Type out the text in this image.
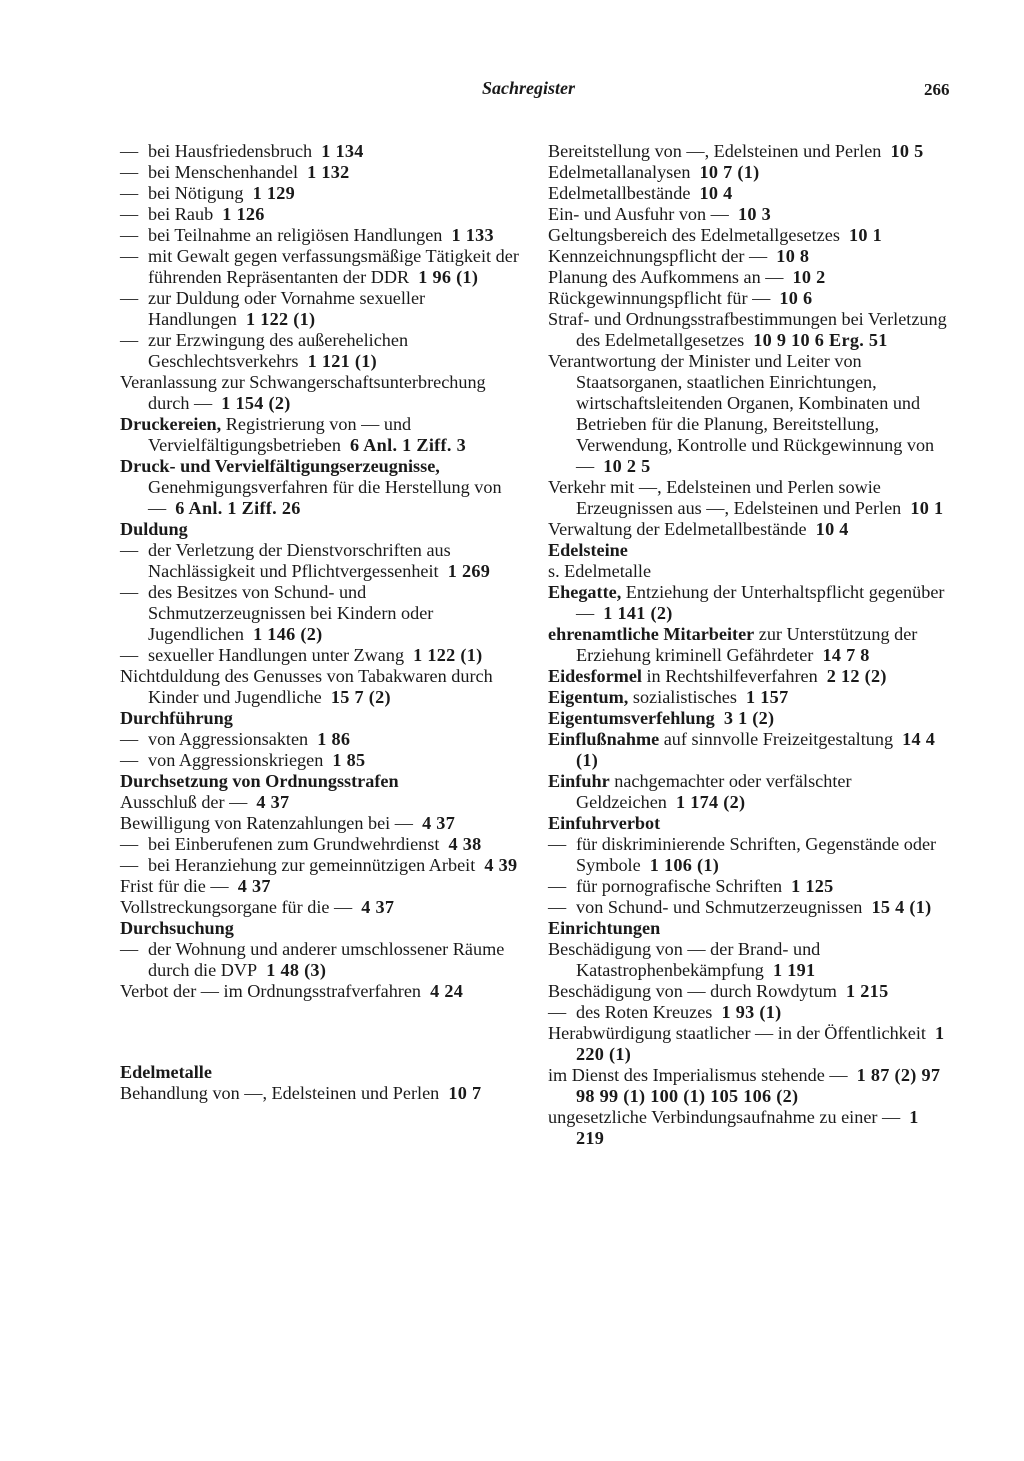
Sachregister	266

— bei Hausfriedensbruch  1 134

— bei Menschenhandel  1 132

— bei Nötigung  1 129

— bei Raub  1 126

— bei Teilnahme an religiösen Handlungen  1 133

— mit Gewalt gegen verfassungsmäßige Tätigkeit der führenden Repräsentanten der DDR  1 96 (1)

— zur Duldung oder Vornahme sexueller Handlungen  1 122 (1)

— zur Erzwingung des außerehelichen Geschlechtsverkehrs  1 121 (1)

Veranlassung zur Schwangerschaftsunterbrechung durch —  1 154 (2)

Druckereien, Registrierung von — und Vervielfältigungsbetrieben  6 Anl. 1 Ziff. 3

Druck- und Vervielfältigungserzeugnisse, Genehmigungsverfahren für die Herstellung von —  6 Anl. 1 Ziff. 26

Duldung

— der Verletzung der Dienstvorschriften aus Nachlässigkeit und Pflichtvergessenheit  1 269

— des Besitzes von Schund- und Schmutzerzeugnissen bei Kindern oder Jugendlichen  1 146 (2)

— sexueller Handlungen unter Zwang  1 122 (1)

Nichtduldung des Genusses von Tabakwaren durch Kinder und Jugendliche  15 7 (2)

Durchführung

— von Aggressionsakten  1 86

— von Aggressionskriegen  1 85

Durchsetzung von Ordnungsstrafen

Ausschluß der —  4 37

Bewilligung von Ratenzahlungen bei —  4 37

— bei Einberufenen zum Grundwehrdienst  4 38

— bei Heranziehung zur gemeinnützigen Arbeit  4 39

Frist für die —  4 37

Vollstreckungsorgane für die —  4 37

Durchsuchung

— der Wohnung und anderer umschlossener Räume durch die DVP  1 48 (3)

Verbot der — im Ordnungsstrafverfahren  4 24

Edelmetalle

Behandlung von —, Edelsteinen und Perlen  10 7

Bereitstellung von —, Edelsteinen und Perlen  10 5

Edelmetallanalysen  10 7 (1)

Edelmetallbestände  10 4

Ein- und Ausfuhr von —  10 3

Geltungsbereich des Edelmetallgesetzes  10 1

Kennzeichnungspflicht der —  10 8

Planung des Aufkommens an —  10 2

Rückgewinnungspflicht für —  10 6

Straf- und Ordnungsstrafbestimmungen bei Verletzung des Edelmetallgesetzes  10 9 10 6 Erg. 51

Verantwortung der Minister und Leiter von Staatsorganen, staatlichen Einrichtungen, wirtschaftsleitenden Organen, Kombinaten und Betrieben für die Planung, Bereitstellung, Verwendung, Kontrolle und Rückgewinnung von —  10 2 5

Verkehr mit —, Edelsteinen und Perlen sowie Erzeugnissen aus —, Edelsteinen und Perlen  10 1

Verwaltung der Edelmetallbestände  10 4

Edelsteine

s. Edelmetalle

Ehegatte, Entziehung der Unterhaltspflicht gegenüber —  1 141 (2)

ehrenamtliche Mitarbeiter zur Unterstützung der Erziehung kriminell Gefährdeter  14 7 8

Eidesformel in Rechtshilfeverfahren  2 12 (2)

Eigentum, sozialistisches  1 157

Eigentumsverfehlung  3 1 (2)

Einflußnahme auf sinnvolle Freizeitgestaltung  14 4 (1)

Einfuhr nachgemachter oder verfälschter Geldzeichen  1 174 (2)

Einfuhrverbot

— für diskriminierende Schriften, Gegenstände oder Symbole  1 106 (1)

— für pornografische Schriften  1 125

— von Schund- und Schmutzerzeugnissen  15 4 (1)

Einrichtungen

Beschädigung von — der Brand- und Katastrophenbekämpfung  1 191

Beschädigung von — durch Rowdytum  1 215

— des Roten Kreuzes  1 93 (1)

Herabwürdigung staatlicher — in der Öffentlichkeit  1 220 (1)

im Dienst des Imperialismus stehende —  1 87 (2) 97 98 99 (1) 100 (1) 105 106 (2)

ungesetzliche Verbindungsaufnahme zu einer —  1 219
